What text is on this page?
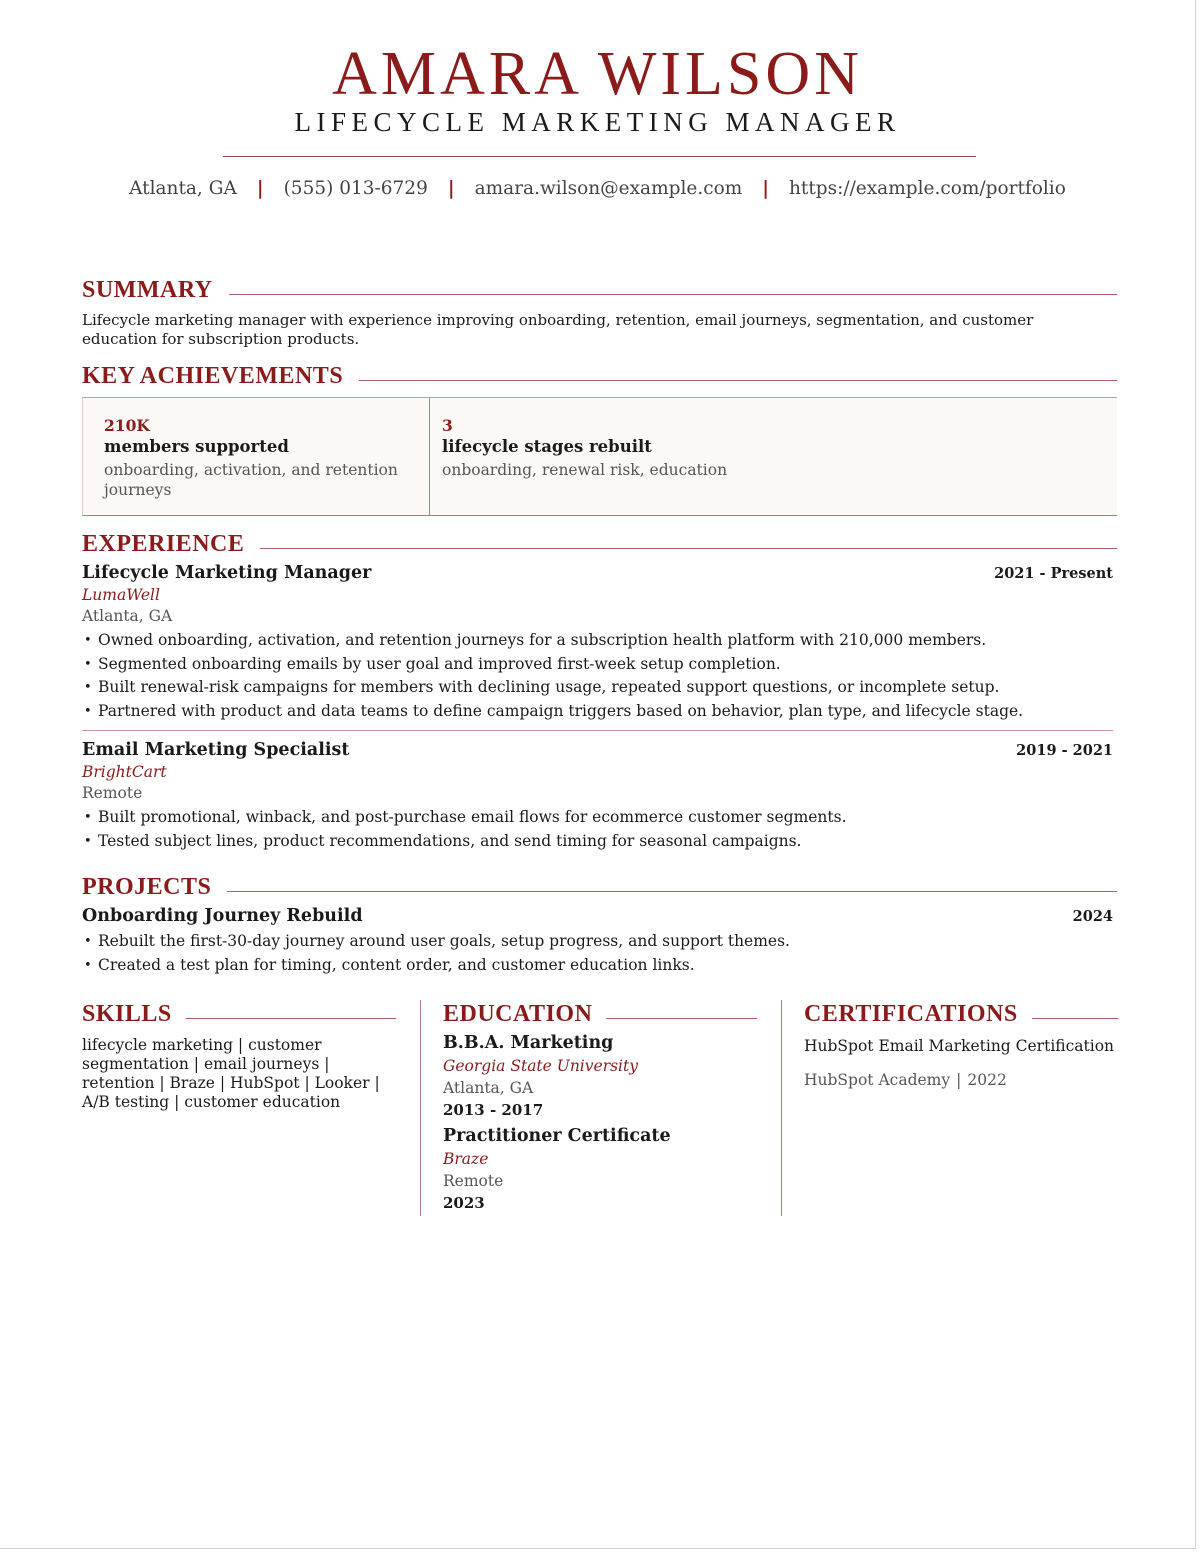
AMARA WILSON
LIFECYCLE MARKETING MANAGER
Atlanta, GA | (555) 013-6729 | amara.wilson@example.com | https://example.com/portfolio
SUMMARY
Lifecycle marketing manager with experience improving onboarding, retention, email journeys, segmentation, and customer education for subscription products.
KEY ACHIEVEMENTS
210K
members supported
onboarding, activation, and retention journeys
3
lifecycle stages rebuilt
onboarding, renewal risk, education
EXPERIENCE
Lifecycle Marketing Manager	2021 - Present
LumaWell
Atlanta, GA
• Owned onboarding, activation, and retention journeys for a subscription health platform with 210,000 members.
• Segmented onboarding emails by user goal and improved first-week setup completion.
• Built renewal-risk campaigns for members with declining usage, repeated support questions, or incomplete setup.
• Partnered with product and data teams to define campaign triggers based on behavior, plan type, and lifecycle stage.
Email Marketing Specialist	2019 - 2021
BrightCart
Remote
• Built promotional, winback, and post-purchase email flows for ecommerce customer segments.
• Tested subject lines, product recommendations, and send timing for seasonal campaigns.
PROJECTS
Onboarding Journey Rebuild	2024
• Rebuilt the first-30-day journey around user goals, setup progress, and support themes.
• Created a test plan for timing, content order, and customer education links.
SKILLS
lifecycle marketing | customer segmentation | email journeys | retention | Braze | HubSpot | Looker | A/B testing | customer education
EDUCATION
B.B.A. Marketing
Georgia State University
Atlanta, GA
2013 - 2017
Practitioner Certificate
Braze
Remote
2023
CERTIFICATIONS
HubSpot Email Marketing Certification
HubSpot Academy | 2022
